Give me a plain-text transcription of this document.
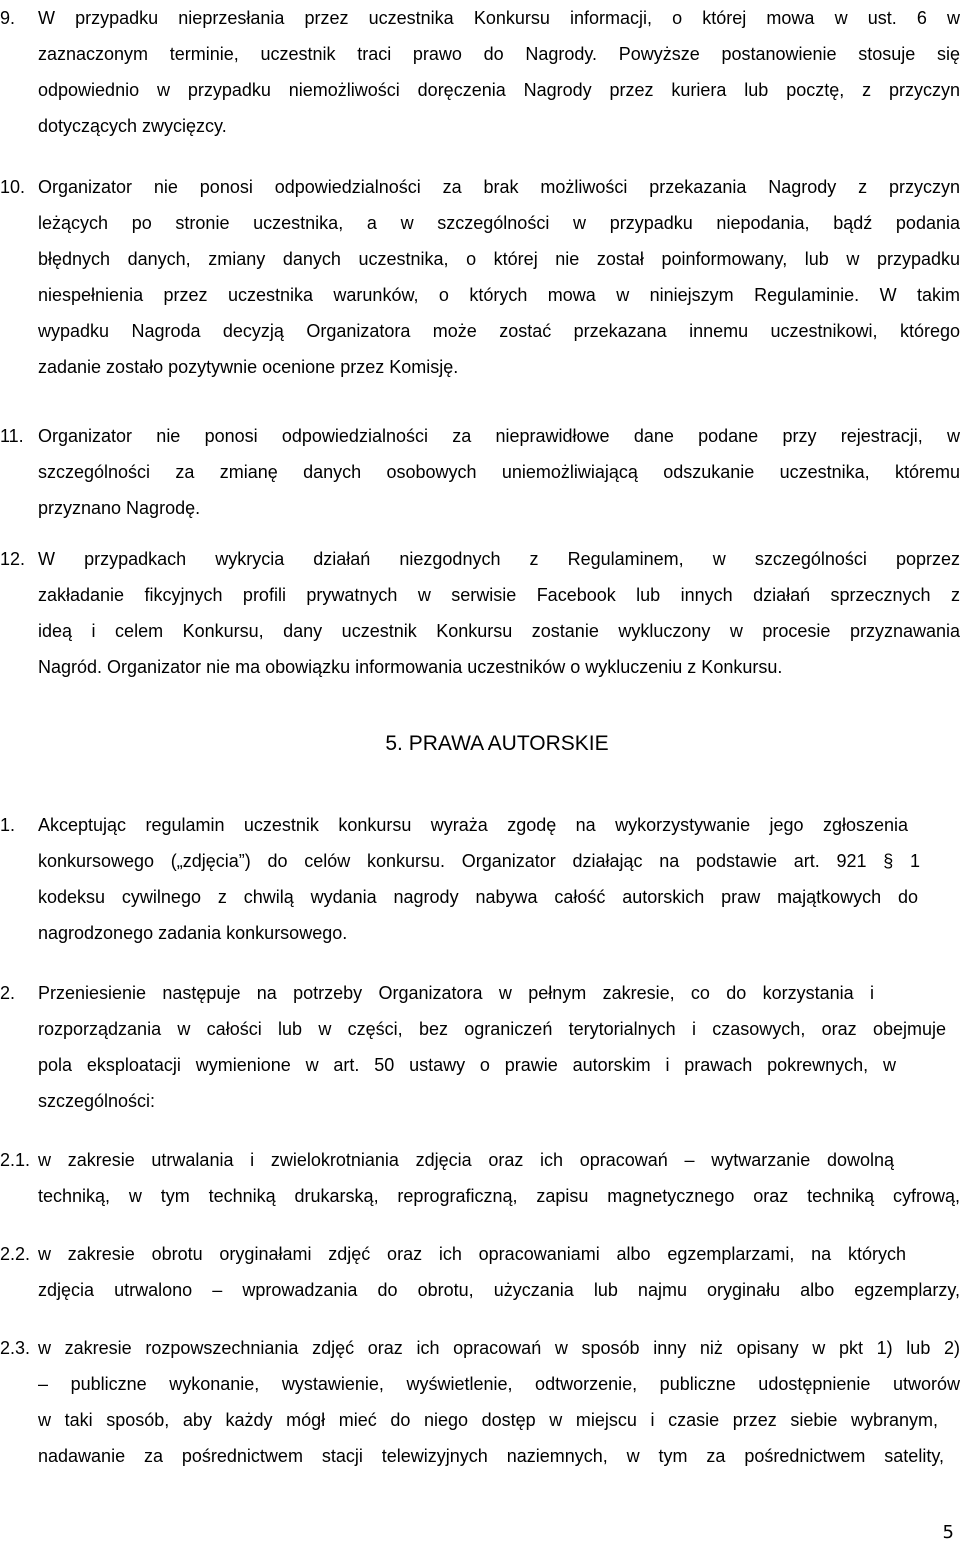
9. W przypadku nieprzesłania przez uczestnika Konkursu informacji, o której mowa w ust. 6 w
zaznaczonym terminie, uczestnik traci prawo do Nagrody. Powyższe postanowienie stosuje się
odpowiednio w przypadku niemożliwości doręczenia Nagrody przez kuriera lub pocztę, z przyczyn
dotyczących zwycięzcy.
10. Organizator nie ponosi odpowiedzialności za brak możliwości przekazania Nagrody z przyczyn
leżących po stronie uczestnika, a w szczególności w przypadku niepodania, bądź podania
błędnych danych, zmiany danych uczestnika, o której nie został poinformowany, lub w przypadku
niespełnienia przez uczestnika warunków, o których mowa w niniejszym Regulaminie. W takim
wypadku Nagroda decyzją Organizatora może zostać przekazana innemu uczestnikowi, którego
zadanie zostało pozytywnie ocenione przez Komisję.
11. Organizator nie ponosi odpowiedzialności za nieprawidłowe dane podane przy rejestracji, w
szczególności za zmianę danych osobowych uniemożliwiającą odszukanie uczestnika, któremu
przyznano Nagrodę.
12. W przypadkach wykrycia działań niezgodnych z Regulaminem, w szczególności poprzez
zakładanie fikcyjnych profili prywatnych w serwisie Facebook lub innych działań sprzecznych z
ideą i celem Konkursu, dany uczestnik Konkursu zostanie wykluczony w procesie przyznawania
Nagród. Organizator nie ma obowiązku informowania uczestników o wykluczeniu z Konkursu.
5. PRAWA AUTORSKIE
1. Akceptując regulamin uczestnik konkursu wyraża zgodę na wykorzystywanie jego zgłoszenia
konkursowego („zdjęcia”) do celów konkursu. Organizator działając na podstawie art. 921 § 1
kodeksu cywilnego z chwilą wydania nagrody nabywa całość autorskich praw majątkowych do
nagrodzonego zadania konkursowego.
2. Przeniesienie następuje na potrzeby Organizatora w pełnym zakresie, co do korzystania i
rozporządzania w całości lub w części, bez ograniczeń terytorialnych i czasowych, oraz obejmuje
pola eksploatacji wymienione w art. 50 ustawy o prawie autorskim i prawach pokrewnych, w
szczególności:
2.1. w zakresie utrwalania i zwielokrotniania zdjęcia oraz ich opracowań – wytwarzanie dowolną
techniką, w tym techniką drukarską, reprograficzną, zapisu magnetycznego oraz techniką cyfrową,
2.2. w zakresie obrotu oryginałami zdjęć oraz ich opracowaniami albo egzemplarzami, na których
zdjęcia utrwalono – wprowadzania do obrotu, użyczania lub najmu oryginału albo egzemplarzy,
2.3. w zakresie rozpowszechniania zdjęć oraz ich opracowań w sposób inny niż opisany w pkt 1) lub 2)
– publiczne wykonanie, wystawienie, wyświetlenie, odtworzenie, publiczne udostępnienie utworów
w taki sposób, aby każdy mógł mieć do niego dostęp w miejscu i czasie przez siebie wybranym,
nadawanie za pośrednictwem stacji telewizyjnych naziemnych, w tym za pośrednictwem satelity,
5
